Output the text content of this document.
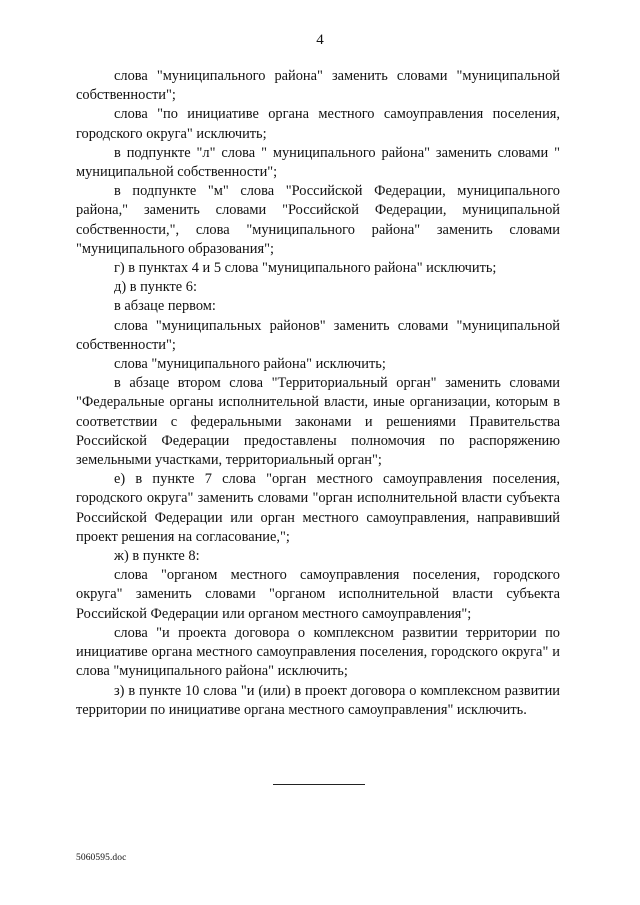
4

слова "муниципального района" заменить словами "муниципальной собственности";

слова "по инициативе органа местного самоуправления поселения, городского округа" исключить;

в подпункте "л" слова " муниципального района" заменить словами " муниципальной собственности";

в подпункте "м" слова "Российской Федерации, муниципального района," заменить словами "Российской Федерации, муниципальной собственности,", слова "муниципального района" заменить словами "муниципального образования";

г) в пунктах 4 и 5 слова "муниципального района" исключить;

д) в пункте 6:

в абзаце первом:

слова "муниципальных районов" заменить словами "муниципальной собственности";

слова "муниципального района" исключить;

в абзаце втором слова "Территориальный орган" заменить словами "Федеральные органы исполнительной власти, иные организации, которым в соответствии с федеральными законами и решениями Правительства Российской Федерации предоставлены полномочия по распоряжению земельными участками, территориальный орган";

е) в пункте 7 слова "орган местного самоуправления поселения, городского округа" заменить словами "орган исполнительной власти субъекта Российской Федерации или орган местного самоуправления, направивший проект решения на согласование,";

ж) в пункте 8:

слова "органом местного самоуправления поселения, городского округа" заменить словами "органом исполнительной власти субъекта Российской Федерации или органом местного самоуправления";

слова "и проекта договора о комплексном развитии территории по инициативе органа местного самоуправления поселения, городского округа" и слова "муниципального района" исключить;

з) в пункте 10 слова "и (или) в проект договора о комплексном развитии территории по инициативе органа местного самоуправления" исключить.

5060595.doc
